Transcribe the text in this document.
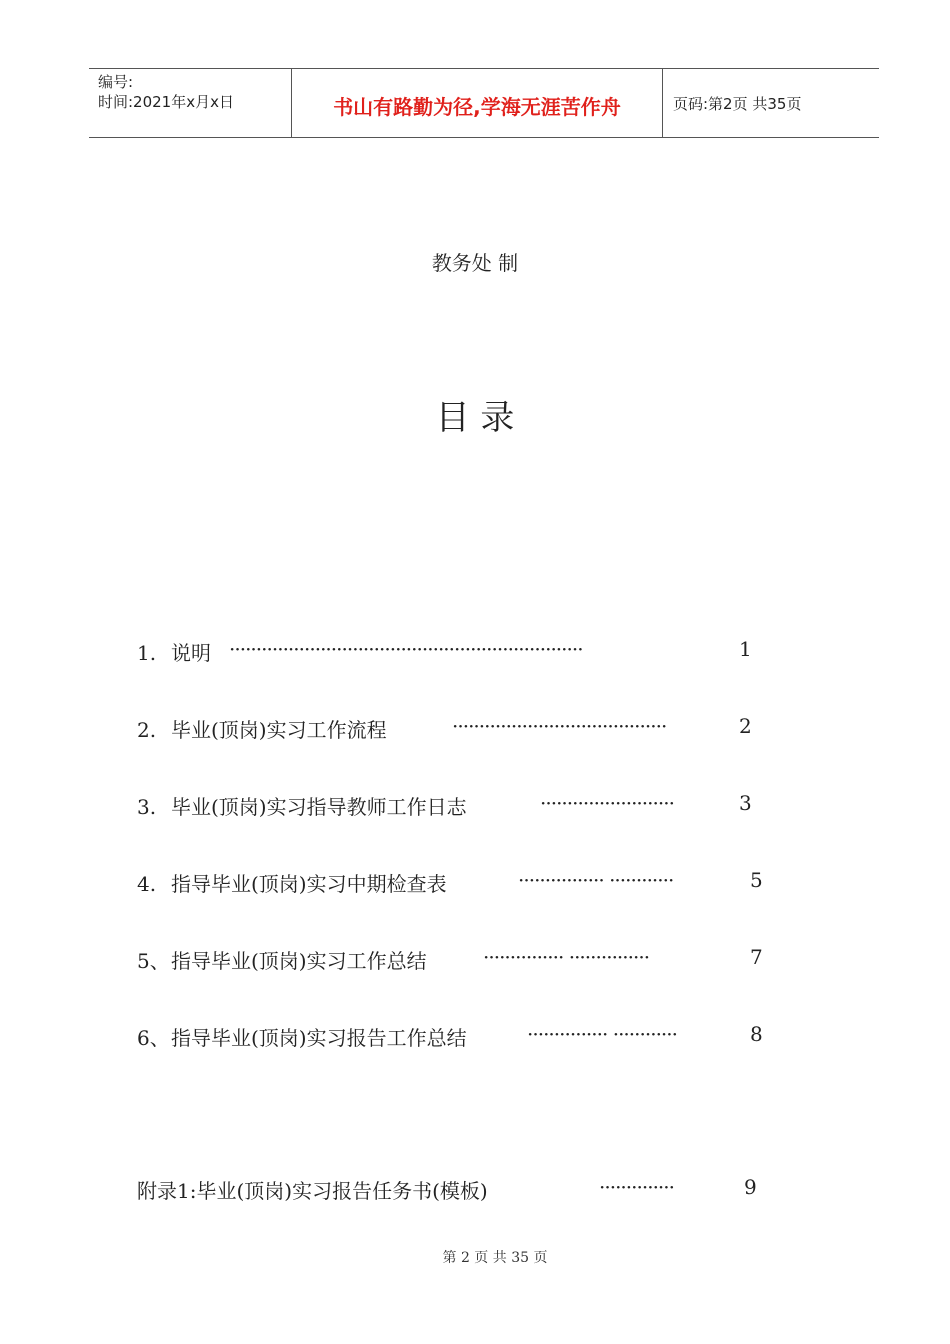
编号:
时间:2021年x月x日	书山有路勤为径,学海无涯苦作舟	页码:第2页 共35页
教务处 制
目 录
1. 说明 ··································································	1
2. 毕业(顶岗)实习工作流程	········································	2
3. 毕业(顶岗)实习指导教师工作日志	·························	3
4. 指导毕业(顶岗)实习中期检查表	················ ············	5
5、指导毕业(顶岗)实习工作总结	··············· ···············	7
6、指导毕业(顶岗)实习报告工作总结	··············· ············	8
附录1:毕业(顶岗)实习报告任务书(模板)	··············	9
第 2 页 共 35 页
